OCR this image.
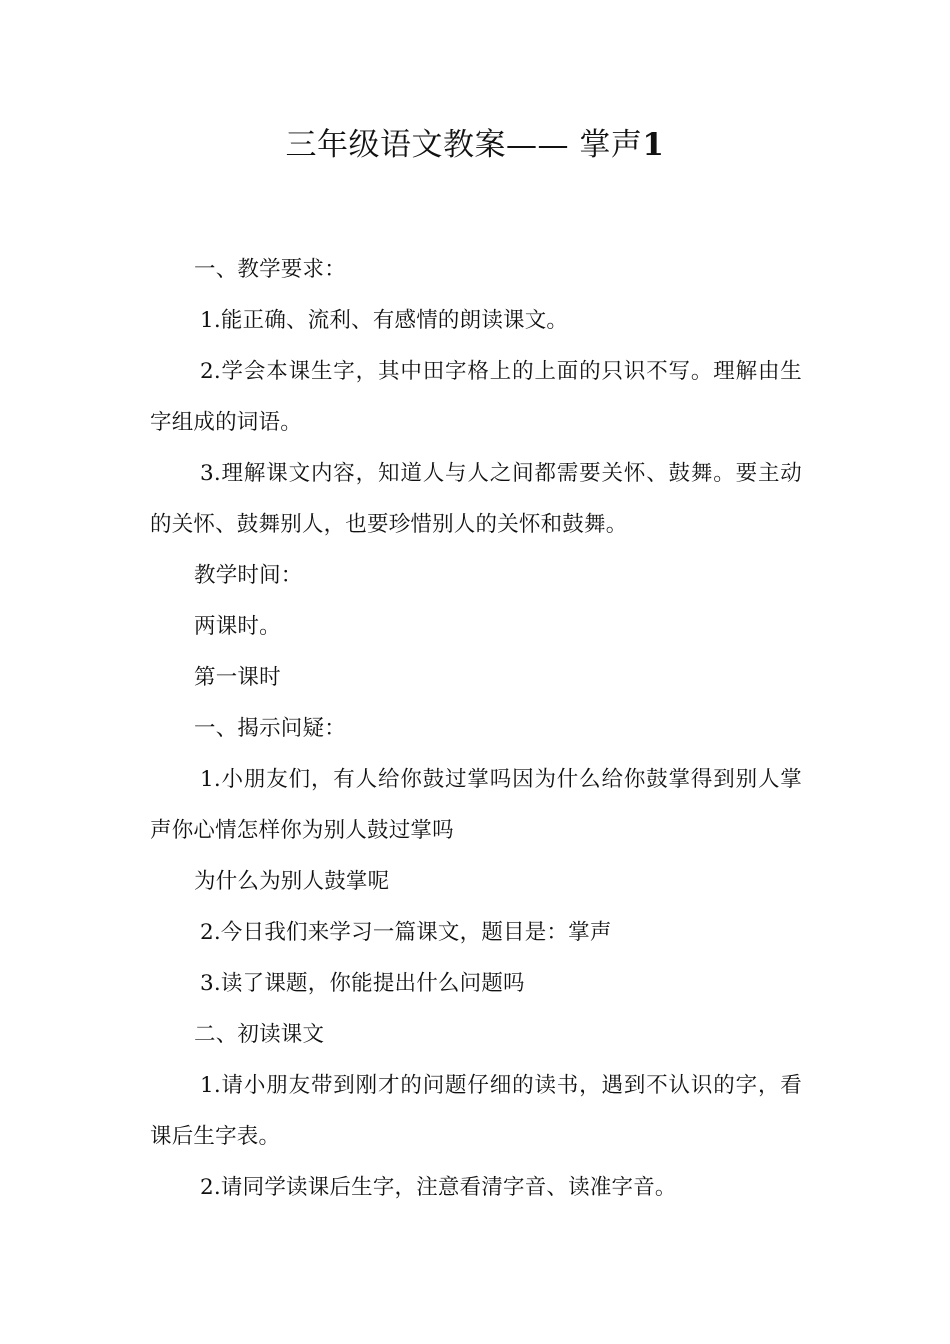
三年级语文教案—— 掌声1

一、教学要求：

1.能正确、流利、有感情的朗读课文。

2.学会本课生字，其中田字格上的上面的只识不写。理解由生字组成的词语。

3.理解课文内容，知道人与人之间都需要关怀、鼓舞。要主动的关怀、鼓舞别人，也要珍惜别人的关怀和鼓舞。

教学时间：

两课时。

第一课时

一、揭示问疑：

1.小朋友们，有人给你鼓过掌吗因为什么给你鼓掌得到别人掌声你心情怎样你为别人鼓过掌吗

为什么为别人鼓掌呢

2.今日我们来学习一篇课文，题目是：掌声

3.读了课题，你能提出什么问题吗

二、初读课文

1.请小朋友带到刚才的问题仔细的读书，遇到不认识的字，看课后生字表。

2.请同学读课后生字，注意看清字音、读准字音。
